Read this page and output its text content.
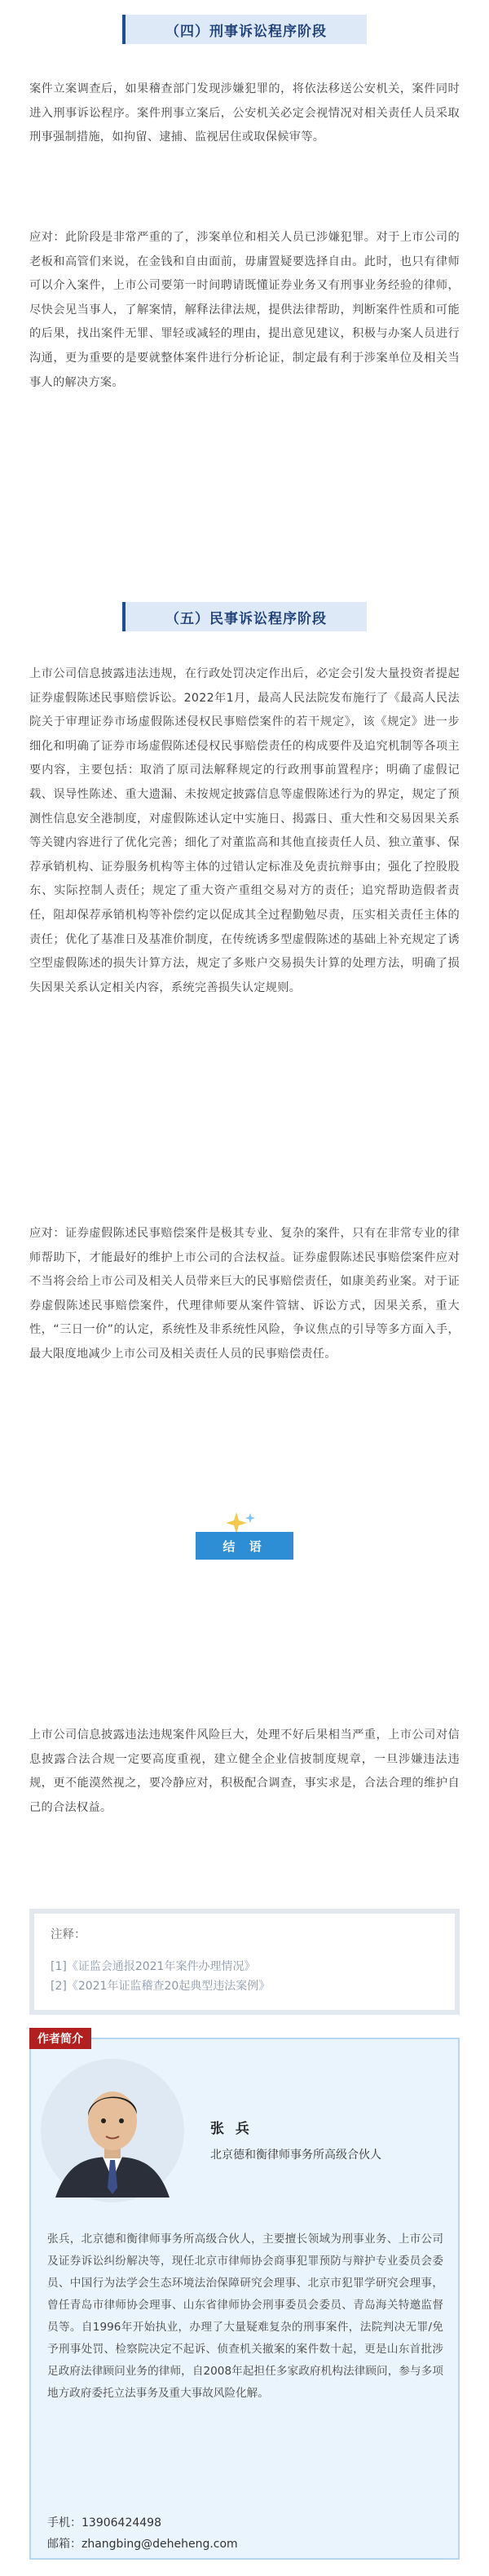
（四）刑事诉讼程序阶段

案件立案调查后，如果稽查部门发现涉嫌犯罪的，将依法移送公安机关，案件同时进入刑事诉讼程序。案件刑事立案后，公安机关必定会视情况对相关责任人员采取刑事强制措施，如拘留、逮捕、监视居住或取保候审等。

应对：此阶段是非常严重的了，涉案单位和相关人员已涉嫌犯罪。对于上市公司的老板和高管们来说，在金钱和自由面前，毋庸置疑要选择自由。此时，也只有律师可以介入案件，上市公司要第一时间聘请既懂证券业务又有刑事业务经验的律师，尽快会见当事人，了解案情，解释法律法规，提供法律帮助，判断案件性质和可能的后果，找出案件无罪、罪轻或减轻的理由，提出意见建议，积极与办案人员进行沟通，更为重要的是要就整体案件进行分析论证，制定最有利于涉案单位及相关当事人的解决方案。

（五）民事诉讼程序阶段

上市公司信息披露违法违规，在行政处罚决定作出后，必定会引发大量投资者提起证券虚假陈述民事赔偿诉讼。2022年1月，最高人民法院发布施行了《最高人民法院关于审理证券市场虚假陈述侵权民事赔偿案件的若干规定》，该《规定》进一步细化和明确了证券市场虚假陈述侵权民事赔偿责任的构成要件及追究机制等各项主要内容，主要包括：取消了原司法解释规定的行政刑事前置程序；明确了虚假记载、误导性陈述、重大遗漏、未按规定披露信息等虚假陈述行为的界定，规定了预测性信息安全港制度，对虚假陈述认定中实施日、揭露日、重大性和交易因果关系等关键内容进行了优化完善；细化了对董监高和其他直接责任人员、独立董事、保荐承销机构、证券服务机构等主体的过错认定标准及免责抗辩事由；强化了控股股东、实际控制人责任；规定了重大资产重组交易对方的责任；追究帮助造假者责任，阻却保荐承销机构等补偿约定以促成其全过程勤勉尽责，压实相关责任主体的责任；优化了基准日及基准价制度，在传统诱多型虚假陈述的基础上补充规定了诱空型虚假陈述的损失计算方法，规定了多账户交易损失计算的处理方法，明确了损失因果关系认定相关内容，系统完善损失认定规则。

应对：证券虚假陈述民事赔偿案件是极其专业、复杂的案件，只有在非常专业的律师帮助下，才能最好的维护上市公司的合法权益。证券虚假陈述民事赔偿案件应对不当将会给上市公司及相关人员带来巨大的民事赔偿责任，如康美药业案。对于证券虚假陈述民事赔偿案件，代理律师要从案件管辖、诉讼方式，因果关系，重大性，“三日一价”的认定，系统性及非系统性风险，争议焦点的引导等多方面入手，最大限度地减少上市公司及相关责任人员的民事赔偿责任。

结 语

上市公司信息披露违法违规案件风险巨大，处理不好后果相当严重，上市公司对信息披露合法合规一定要高度重视，建立健全企业信披制度规章，一旦涉嫌违法违规，更不能漠然视之，要冷静应对，积极配合调查，事实求是，合法合理的维护自己的合法权益。

注释：
[1]《证监会通报2021年案件办理情况》
[2]《2021年证监稽查20起典型违法案例》
作者简介
张 兵
北京德和衡律师事务所高级合伙人

张兵，北京德和衡律师事务所高级合伙人，主要擅长领域为刑事业务、上市公司及证券诉讼纠纷解决等，现任北京市律师协会商事犯罪预防与辩护专业委员会委员、中国行为法学会生态环境法治保障研究会理事、北京市犯罪学研究会理事，曾任青岛市律师协会理事、山东省律师协会刑事委员会委员、青岛海关特邀监督员等。自1996年开始执业，办理了大量疑难复杂的刑事案件，法院判决无罪/免予刑事处罚、检察院决定不起诉、侦查机关撤案的案件数十起，更是山东首批涉足政府法律顾问业务的律师，自2008年起担任多家政府机构法律顾问，参与多项地方政府委托立法事务及重大事故风险化解。

手机：13906424498
邮箱：zhangbing@deheheng.com
